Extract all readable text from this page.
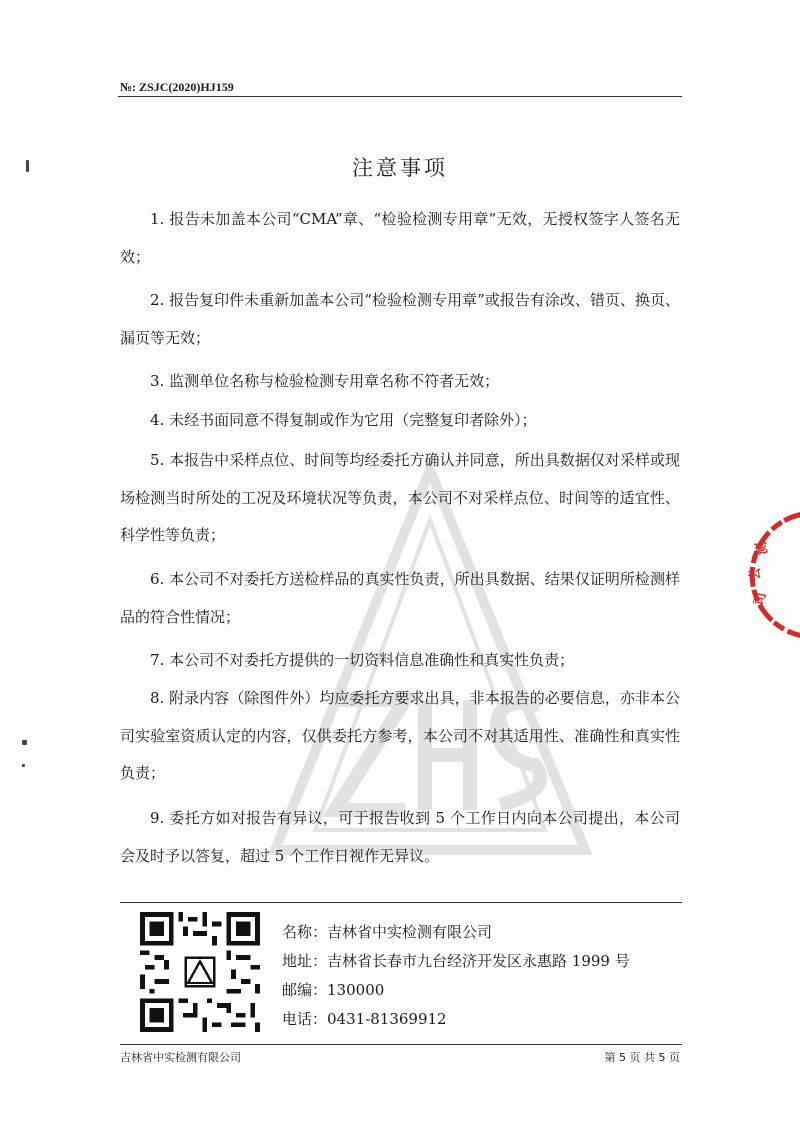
№: ZSJC(2020)HJ159
注意事项
测
公
司

1. 报告未加盖本公司“CMA”章、“检验检测专用章”无效，无授权签字人签名无效；

2. 报告复印件未重新加盖本公司“检验检测专用章”或报告有涂改、错页、换页、漏页等无效；

3. 监测单位名称与检验检测专用章名称不符者无效；

4. 未经书面同意不得复制或作为它用（完整复印者除外）；

5. 本报告中采样点位、时间等均经委托方确认并同意，所出具数据仅对采样或现场检测当时所处的工况及环境状况等负责，本公司不对采样点位、时间等的适宜性、科学性等负责；

6. 本公司不对委托方送检样品的真实性负责，所出具数据、结果仅证明所检测样品的符合性情况；

7. 本公司不对委托方提供的一切资料信息准确性和真实性负责；

8. 附录内容（除图件外）均应委托方要求出具，非本报告的必要信息，亦非本公司实验室资质认定的内容，仅供委托方参考，本公司不对其适用性、准确性和真实性负责；

9. 委托方如对报告有异议，可于报告收到 5 个工作日内向本公司提出，本公司会及时予以答复，超过 5 个工作日视作无异议。

名称：吉林省中实检测有限公司
地址：吉林省长春市九台经济开发区永惠路 1999 号
邮编：130000
电话：0431-81369912
吉林省中实检测有限公司	第 5 页 共 5 页
